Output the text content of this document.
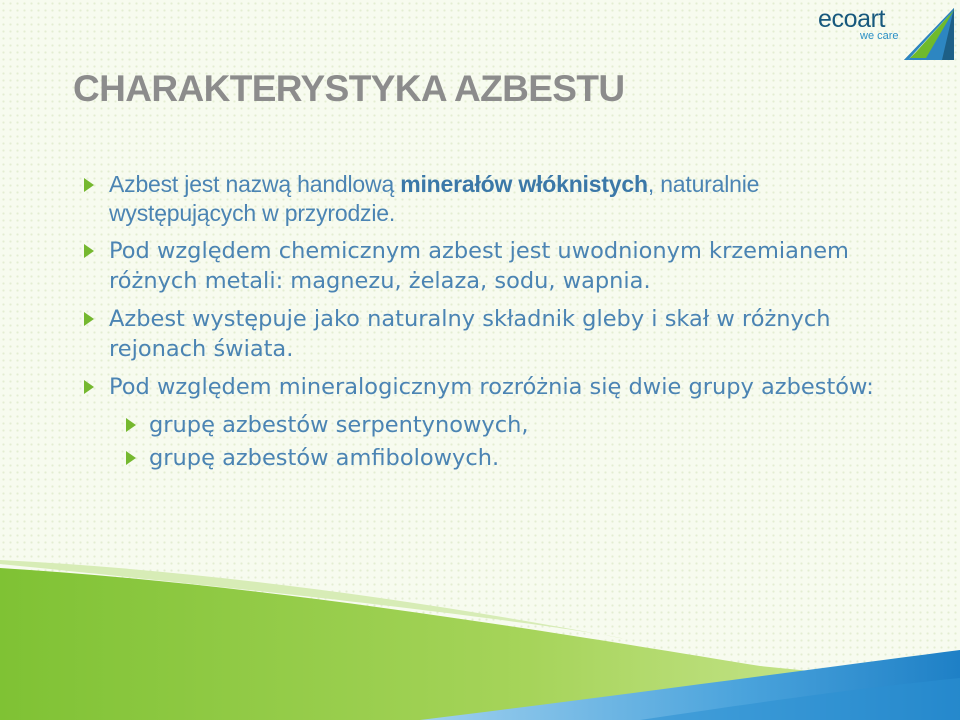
CHARAKTERYSTYKA AZBESTU
ecoart
we care
Azbest jest nazwą handlową minerałów włóknistych, naturalnie występujących w przyrodzie.
Pod względem chemicznym azbest jest uwodnionym krzemianem różnych metali: magnezu, żelaza, sodu, wapnia.
Azbest występuje jako naturalny składnik gleby i skał w różnych rejonach świata.
Pod względem mineralogicznym rozróżnia się dwie grupy azbestów:
grupę azbestów serpentynowych,
grupę azbestów amfibolowych.
